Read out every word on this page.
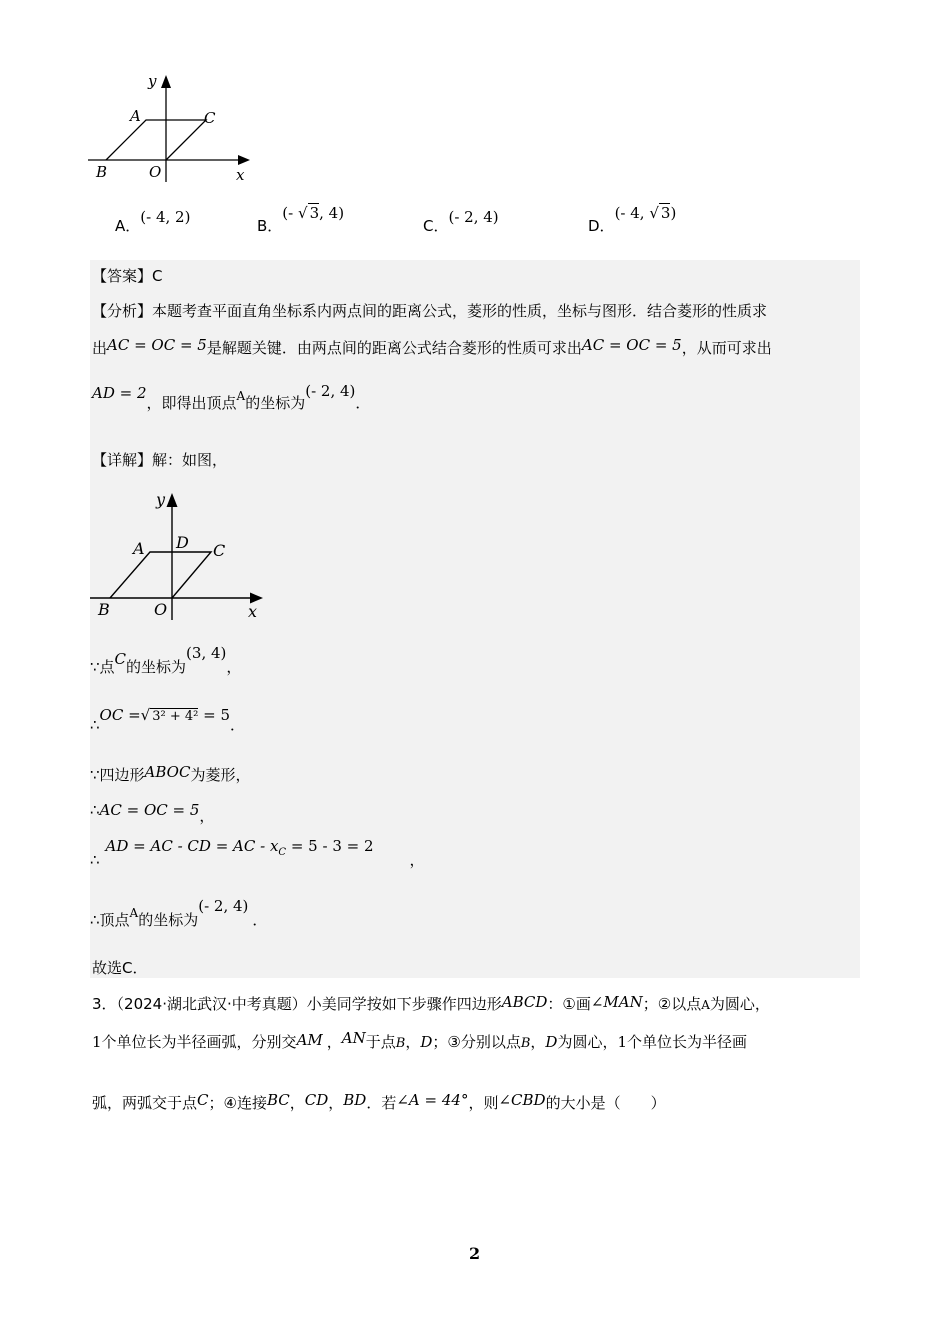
y
A	C
B	O	x
A．(- 4, 2)	B．(- √ 3, 4)
C．(- 2, 4)	D．(- 4, √ 3)
【答案】C
【分析】本题考查平面直角坐标系内两点间的距离公式，菱形的性质，坐标与图形．结合菱形的性质求
出AC = OC = 5是解题关键．由两点间的距离公式结合菱形的性质可求出AC = OC = 5，从而可求出
AD = 2，即得出顶点A的坐标为(- 2, 4)．
【详解】解：如图，
y
A D C
B	O	x
∵点C的坐标为(3, 4)，
∴OC =√ 3² + 4² = 5．
∵四边形ABOC为菱形，
∴AC = OC = 5，
∴AD = AC - CD = AC - $x_C = 5 - 3 = 2$，
∴顶点$_A$的坐标为(- 2, 4)．
故选C．
3．（2024·湖北武汉·中考真题）小美同学按如下步骤作四边形ABCD：①画∠MAN；②以点A为圆心，
1个单位长为半径画弧，分别交AM ，AN于点B，D；③分别以点B，D为圆心，1个单位长为半径画
弧，两弧交于点C；④连接BC，CD，BD．若∠A = 44°，则∠CBD的大小是（　　）
2
